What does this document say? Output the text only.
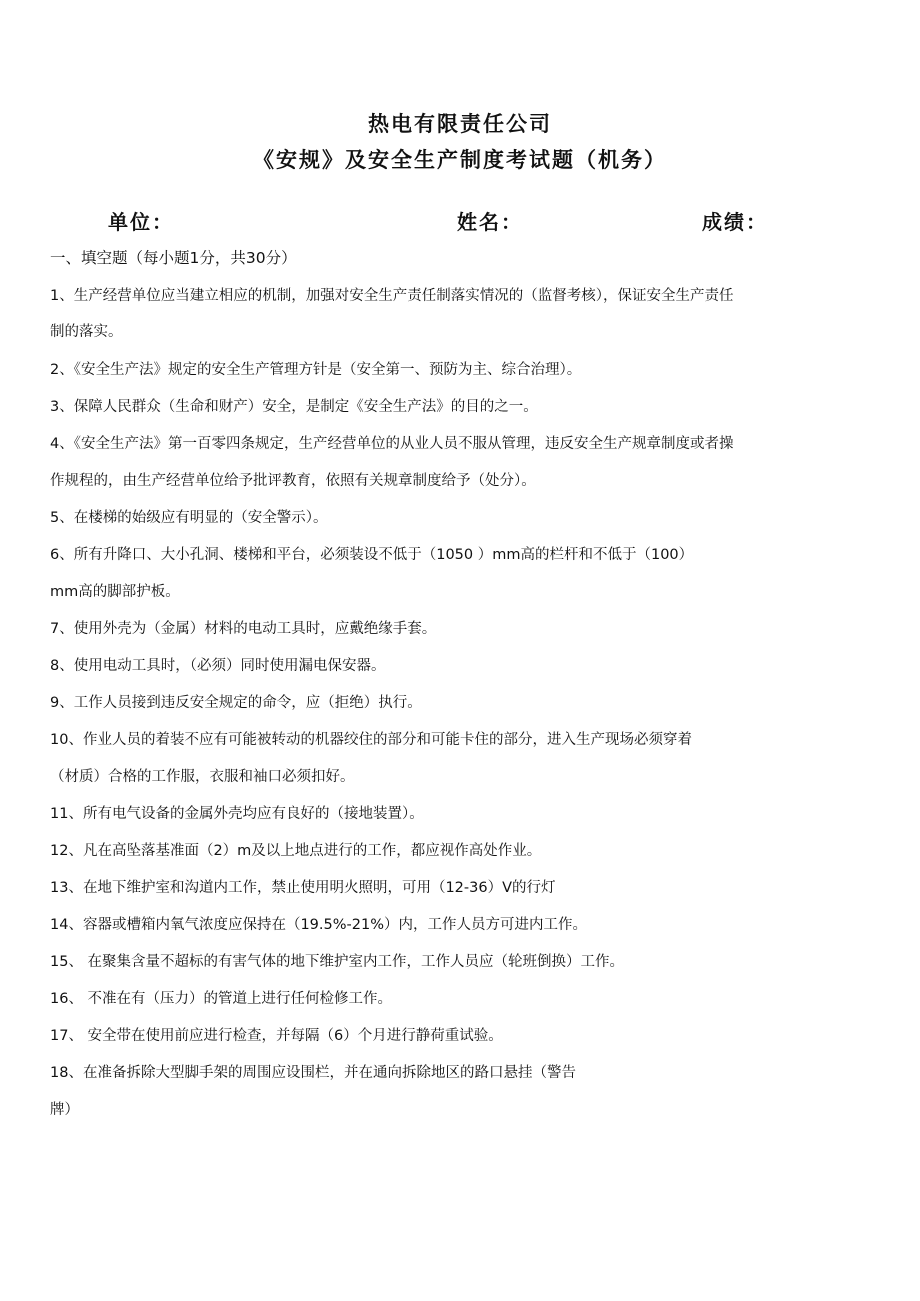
热电有限责任公司
《安规》及安全生产制度考试题（机务）
单位：	姓名：	成绩：
一、填空题（每小题1分，共30分）
1、生产经营单位应当建立相应的机制，加强对安全生产责任制落实情况的（监督考核），保证安全生产责任
制的落实。
2、《安全生产法》规定的安全生产管理方针是（安全第一、预防为主、综合治理）。
3、保障人民群众（生命和财产）安全，是制定《安全生产法》的目的之一。
4、《安全生产法》第一百零四条规定，生产经营单位的从业人员不服从管理，违反安全生产规章制度或者操
作规程的，由生产经营单位给予批评教育，依照有关规章制度给予（处分）。
5、在楼梯的始级应有明显的（安全警示）。
6、所有升降口、大小孔洞、楼梯和平台，必须装设不低于（1050 ）mm高的栏杆和不低于（100）
mm高的脚部护板。
7、使用外壳为（金属）材料的电动工具时，应戴绝缘手套。
8、使用电动工具时，（必须）同时使用漏电保安器。
9、工作人员接到违反安全规定的命令，应（拒绝）执行。
10、作业人员的着装不应有可能被转动的机器绞住的部分和可能卡住的部分，进入生产现场必须穿着
（材质）合格的工作服，衣服和袖口必须扣好。
11、所有电气设备的金属外壳均应有良好的（接地装置）。
12、凡在高坠落基准面（2）m及以上地点进行的工作，都应视作高处作业。
13、在地下维护室和沟道内工作，禁止使用明火照明，可用（12-36）V的行灯
14、容器或槽箱内氧气浓度应保持在（19.5%-21%）内，工作人员方可进内工作。
15、 在聚集含量不超标的有害气体的地下维护室内工作，工作人员应（轮班倒换）工作。
16、 不准在有（压力）的管道上进行任何检修工作。
17、 安全带在使用前应进行检查，并每隔（6）个月进行静荷重试验。
18、在准备拆除大型脚手架的周围应设围栏，并在通向拆除地区的路口悬挂（警告
牌）
